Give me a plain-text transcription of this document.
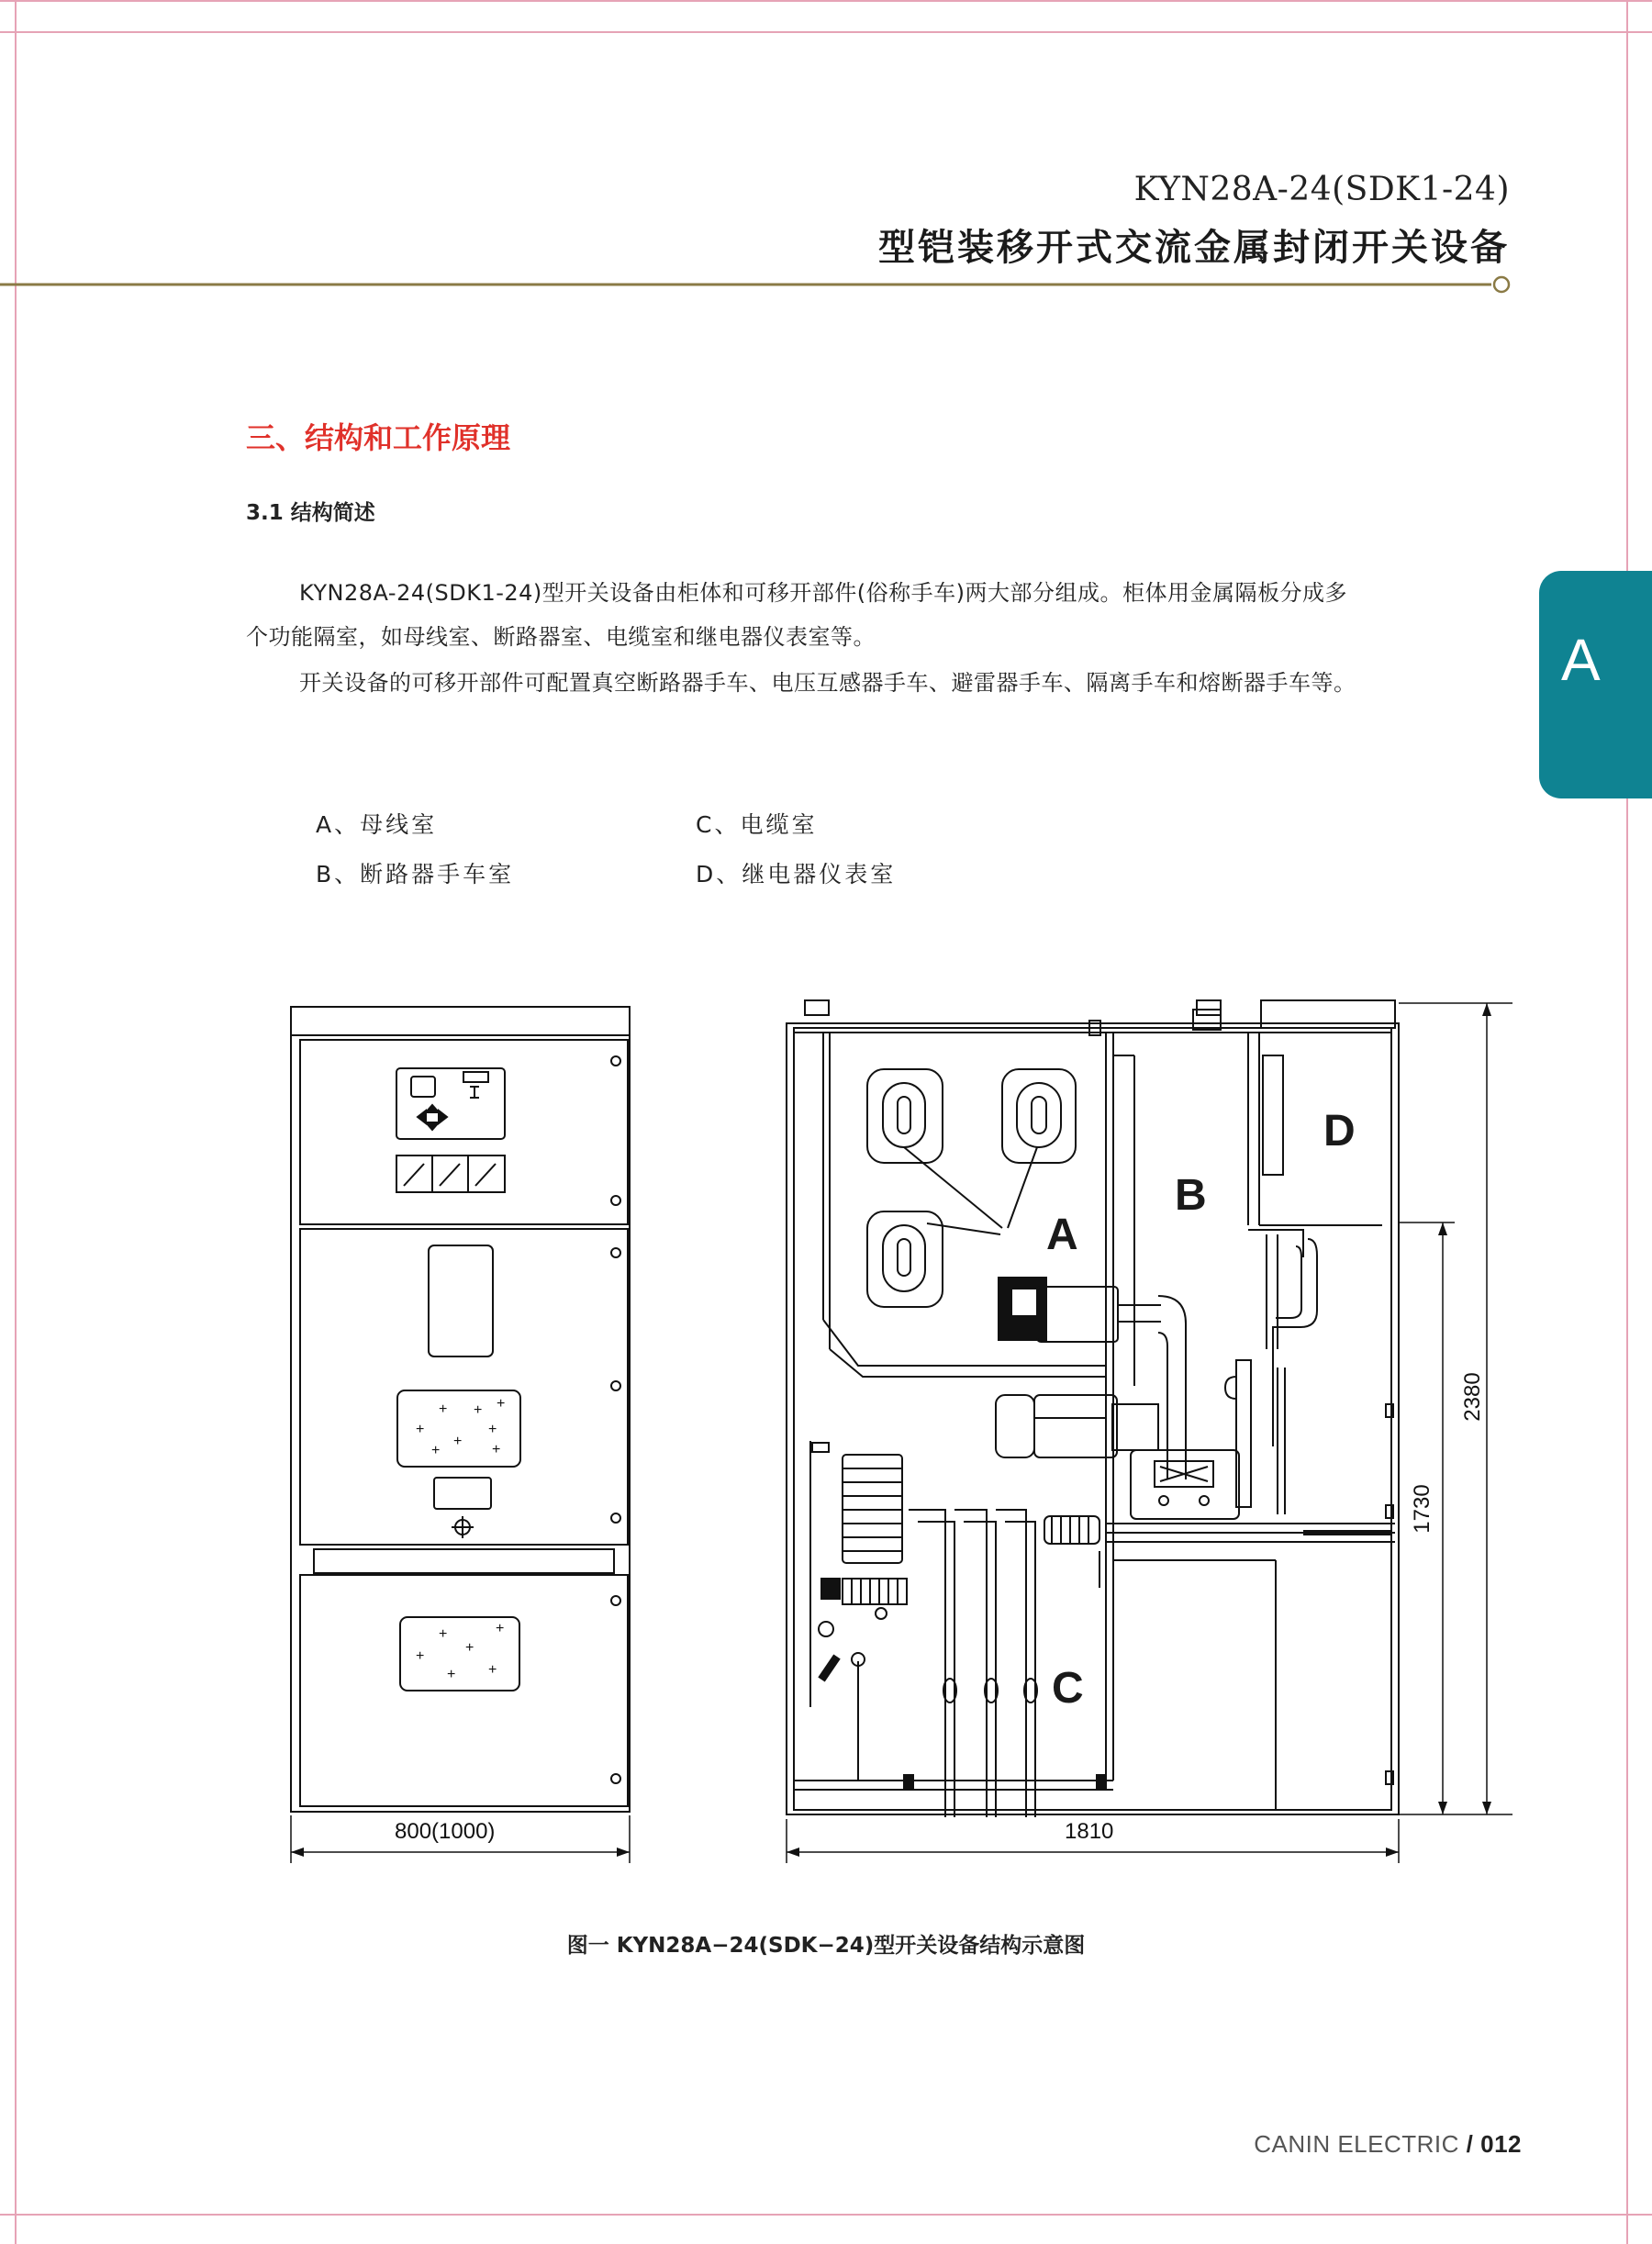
KYN28A-24(SDK1-24)
型铠装移开式交流金属封闭开关设备
三、结构和工作原理
3.1 结构简述
KYN28A-24(SDK1-24)型开关设备由柜体和可移开部件(俗称手车)两大部分组成。柜体用金属隔板分成多
个功能隔室，如母线室、断路器室、电缆室和继电器仪表室等。
开关设备的可移开部件可配置真空断路器手车、电压互感器手车、避雷器手车、隔离手车和熔断器手车等。	A
A、母线室	C、电缆室
B、断路器手车室	D、继电器仪表室
+ +
+
+
+
+
+	+
+	+
+
+
+ +
800(1000)
A
B
C
D
1810
2380
1730
图一 KYN28A−24(SDK−24)型开关设备结构示意图
CANIN ELECTRIC / 012
